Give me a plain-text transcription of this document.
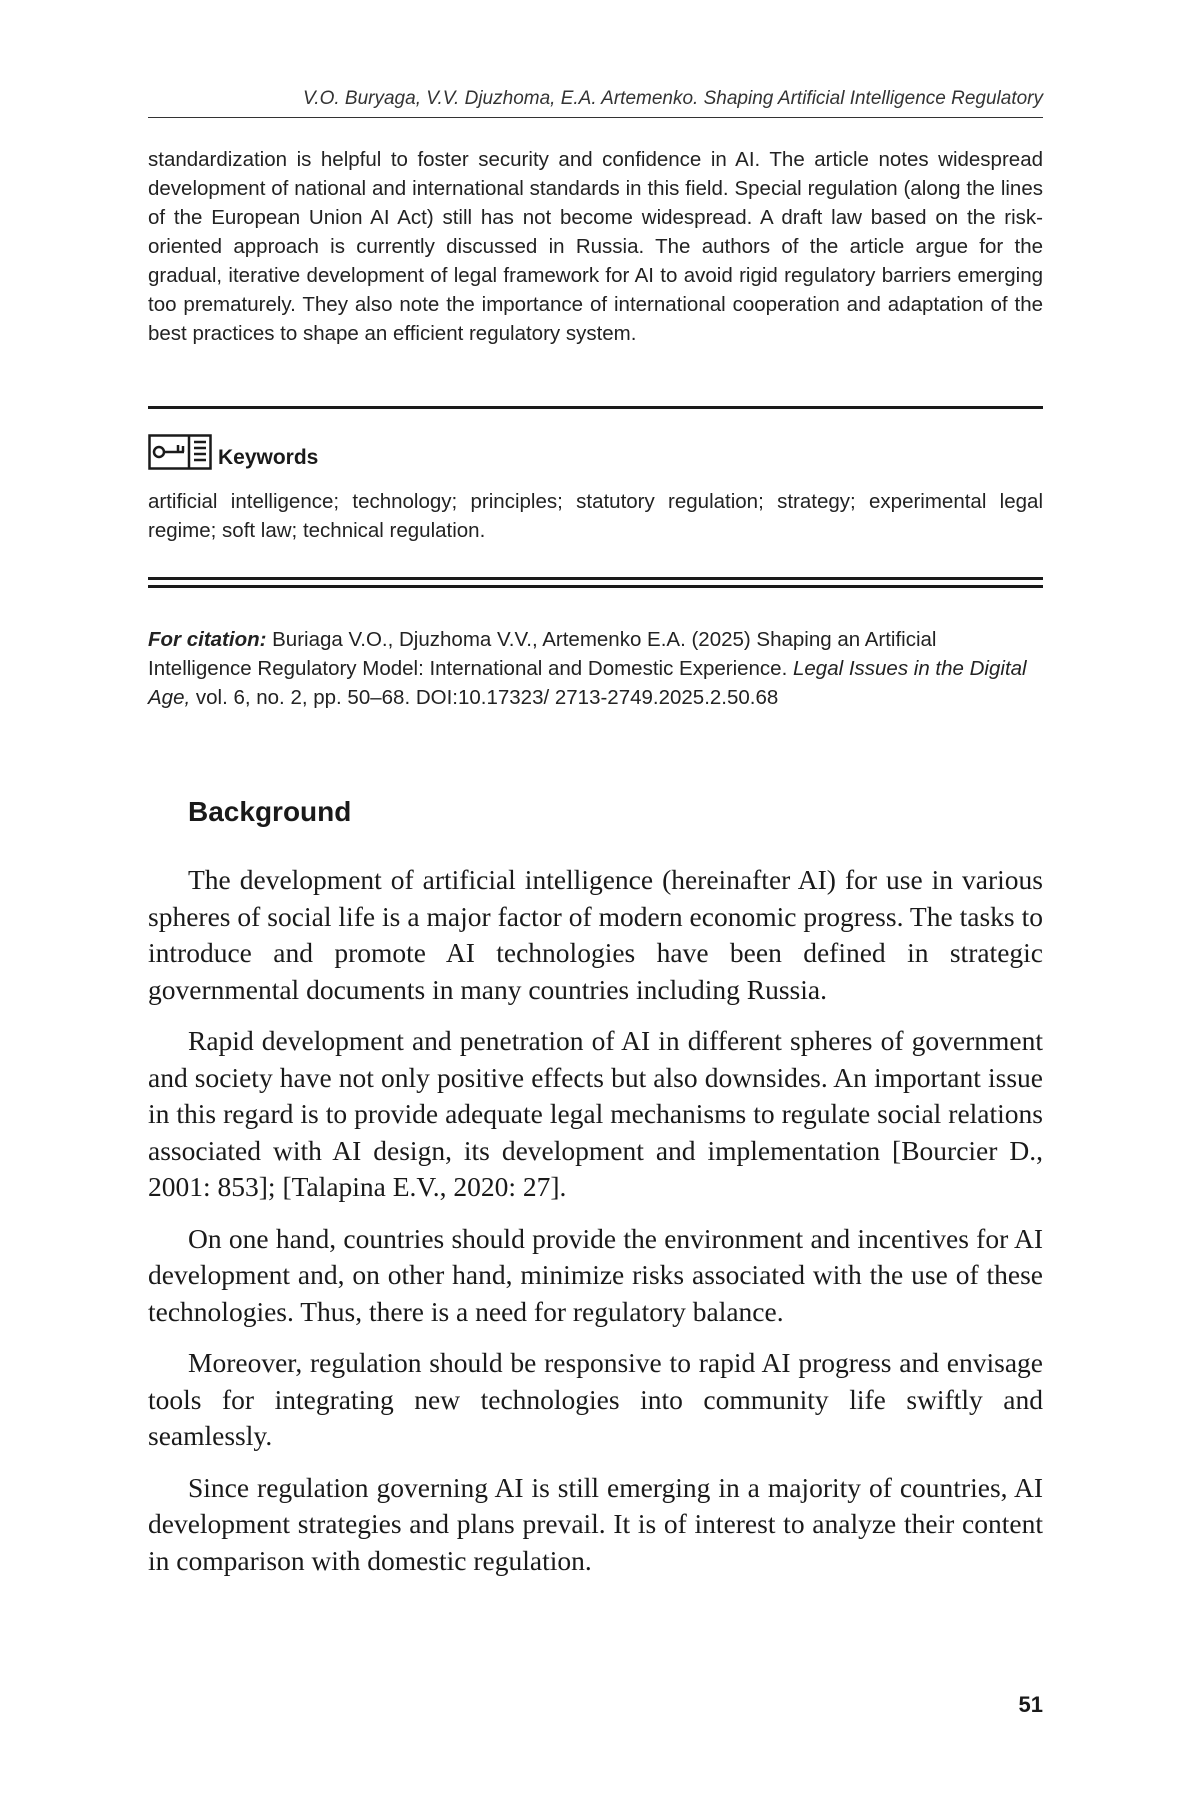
V.O. Buryaga, V.V. Djuzhoma, E.A. Artemenko. Shaping Artificial Intelligence Regulatory
standardization is helpful to foster security and confidence in AI. The article notes widespread development of national and international standards in this field. Special regulation (along the lines of the European Union AI Act) still has not become widespread. A draft law based on the risk-oriented approach is currently discussed in Russia. The authors of the article argue for the gradual, iterative development of legal framework for AI to avoid rigid regulatory barriers emerging too prematurely. They also note the importance of international cooperation and adaptation of the best practices to shape an efficient regulatory system.
Keywords
artificial intelligence; technology; principles; statutory regulation; strategy; experimental legal regime; soft law; technical regulation.
For citation: Buriaga V.O., Djuzhoma V.V., Artemenko E.A. (2025) Shaping an Artificial Intelligence Regulatory Model: International and Domestic Experience. Legal Issues in the Digital Age, vol. 6, no. 2, pp. 50–68. DOI:10.17323/ 2713-2749.2025.2.50.68
Background

The development of artificial intelligence (hereinafter AI) for use in various spheres of social life is a major factor of modern economic progress. The tasks to introduce and promote AI technologies have been defined in strategic governmental documents in many countries including Russia.

Rapid development and penetration of AI in different spheres of government and society have not only positive effects but also downsides. An important issue in this regard is to provide adequate legal mechanisms to regulate social relations associated with AI design, its development and implementation [Bourcier D., 2001: 853]; [Talapina E.V., 2020: 27].

On one hand, countries should provide the environment and incentives for AI development and, on other hand, minimize risks associated with the use of these technologies. Thus, there is a need for regulatory balance.

Moreover, regulation should be responsive to rapid AI progress and envisage tools for integrating new technologies into community life swiftly and seamlessly.

Since regulation governing AI is still emerging in a majority of countries, AI development strategies and plans prevail. It is of interest to analyze their content in comparison with domestic regulation.

51
